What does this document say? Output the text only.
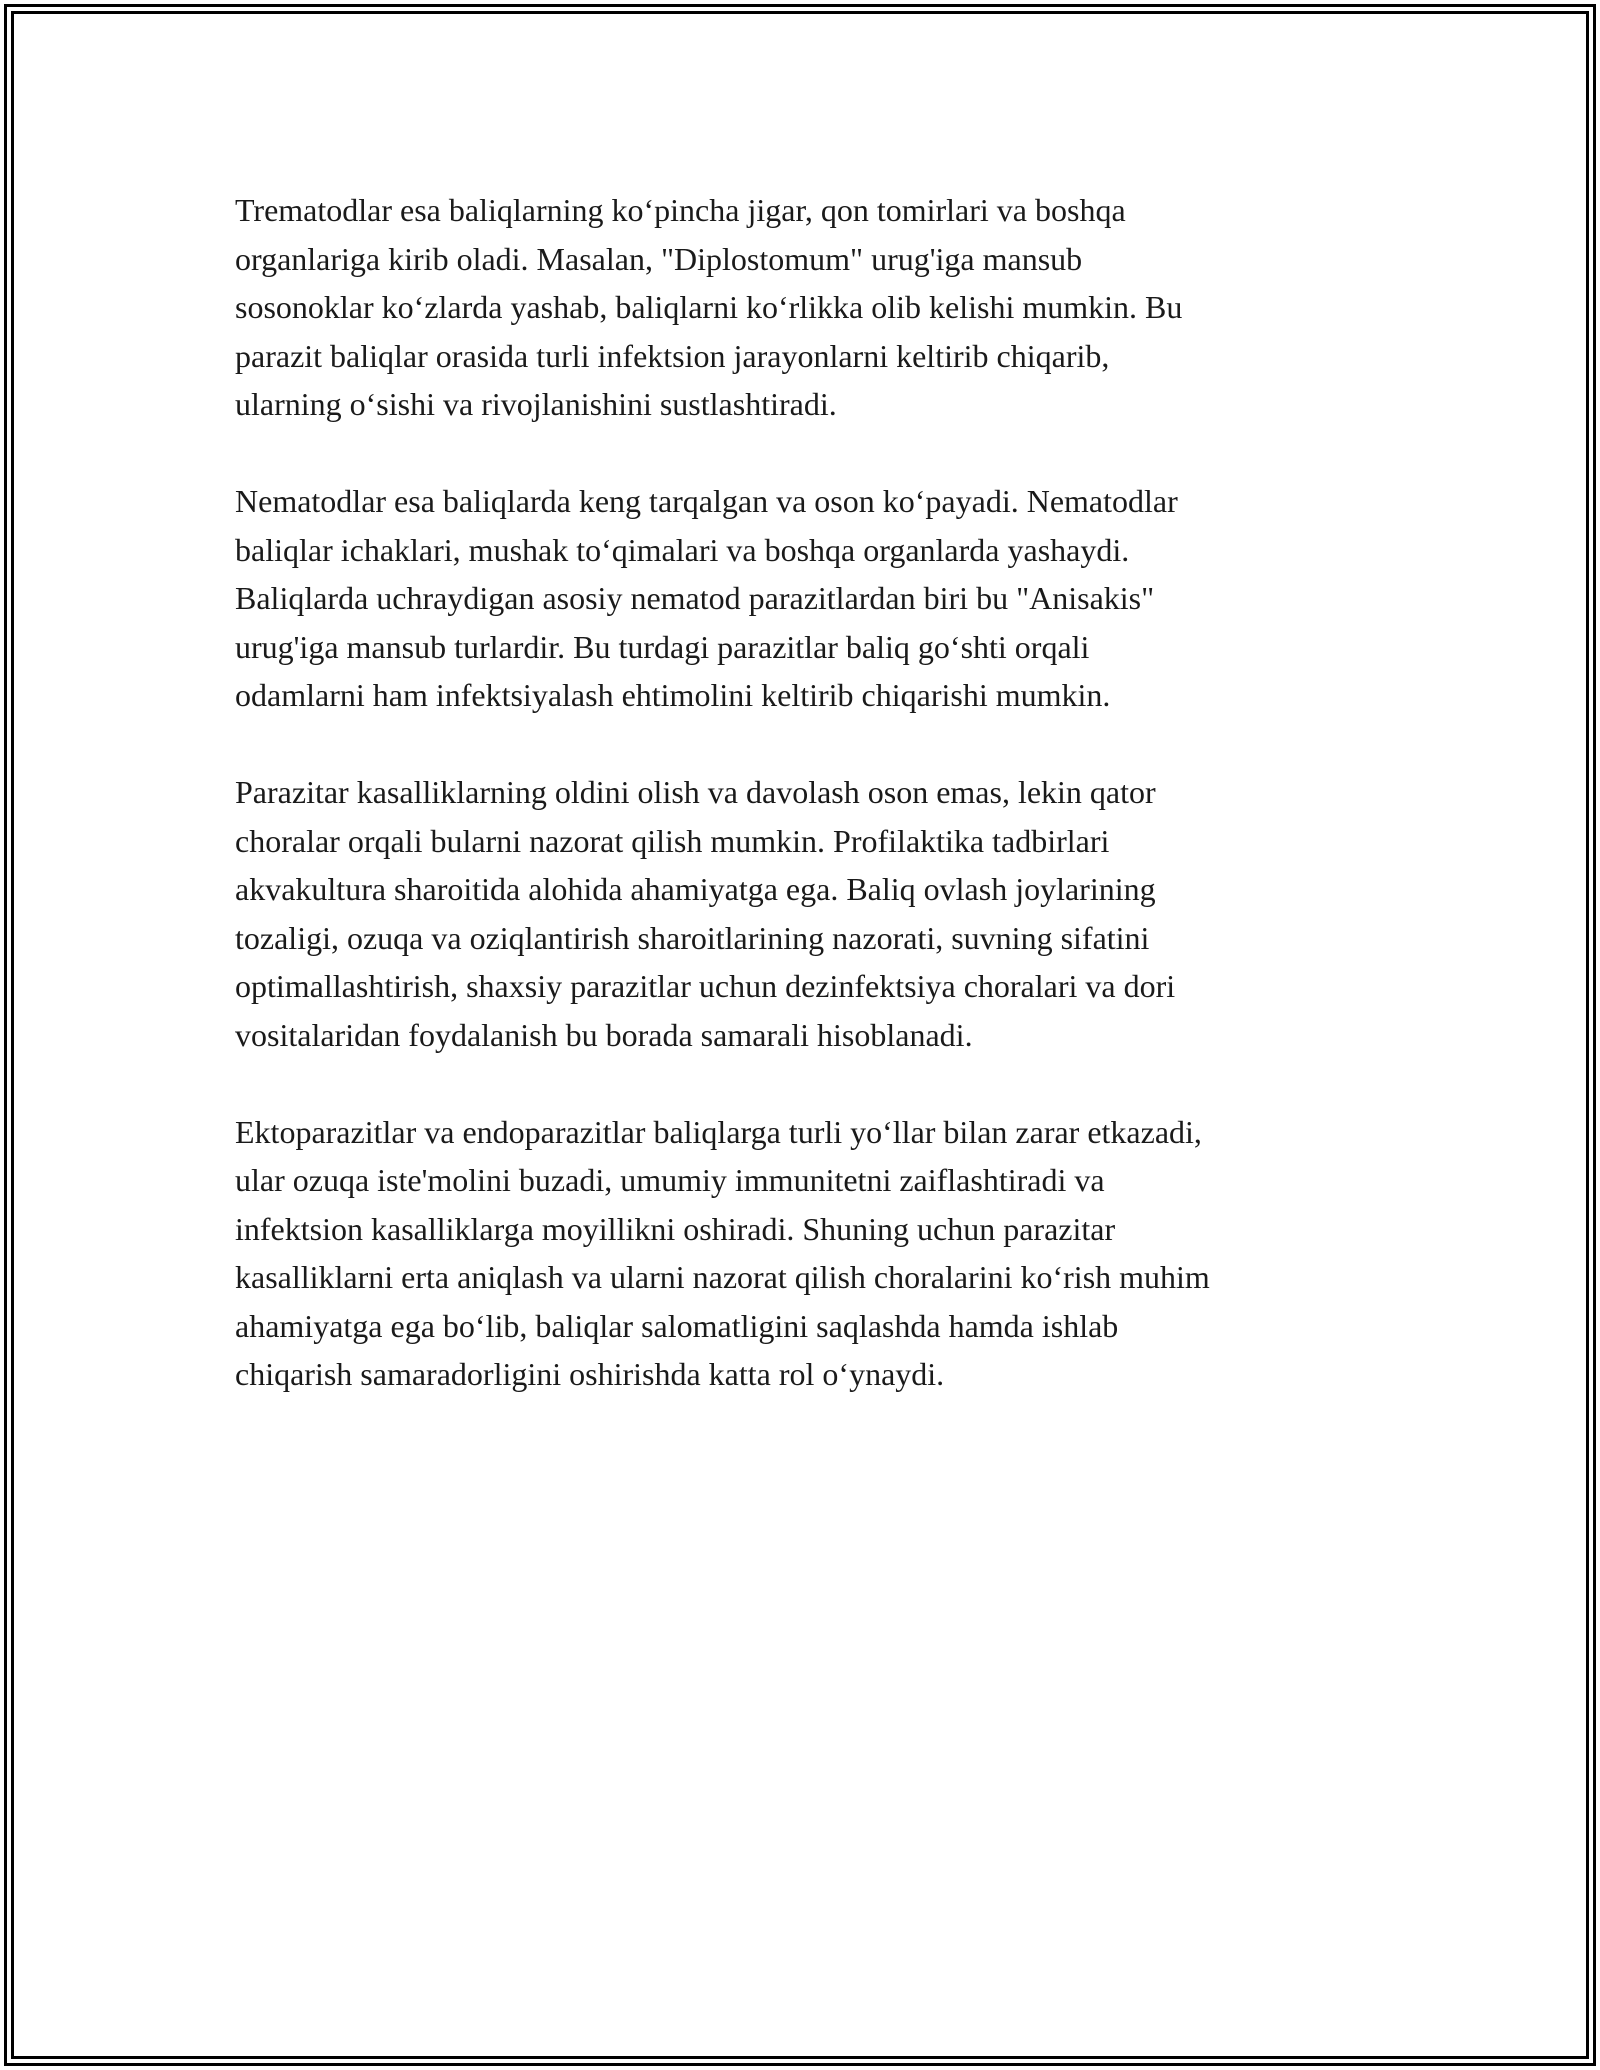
Trematodlar esa baliqlarning ko‘pincha jigar, qon tomirlari va boshqa
organlariga kirib oladi. Masalan, "Diplostomum" urug'iga mansub
sosonoklar ko‘zlarda yashab, baliqlarni ko‘rlikka olib kelishi mumkin. Bu
parazit baliqlar orasida turli infektsion jarayonlarni keltirib chiqarib,
ularning o‘sishi va rivojlanishini sustlashtiradi.

Nematodlar esa baliqlarda keng tarqalgan va oson ko‘payadi. Nematodlar
baliqlar ichaklari, mushak to‘qimalari va boshqa organlarda yashaydi.
Baliqlarda uchraydigan asosiy nematod parazitlardan biri bu "Anisakis"
urug'iga mansub turlardir. Bu turdagi parazitlar baliq go‘shti orqali
odamlarni ham infektsiyalash ehtimolini keltirib chiqarishi mumkin.

Parazitar kasalliklarning oldini olish va davolash oson emas, lekin qator
choralar orqali bularni nazorat qilish mumkin. Profilaktika tadbirlari
akvakultura sharoitida alohida ahamiyatga ega. Baliq ovlash joylarining
tozaligi, ozuqa va oziqlantirish sharoitlarining nazorati, suvning sifatini
optimallashtirish, shaxsiy parazitlar uchun dezinfektsiya choralari va dori
vositalaridan foydalanish bu borada samarali hisoblanadi.

Ektoparazitlar va endoparazitlar baliqlarga turli yo‘llar bilan zarar etkazadi,
ular ozuqa iste'molini buzadi, umumiy immunitetni zaiflashtiradi va
infektsion kasalliklarga moyillikni oshiradi. Shuning uchun parazitar
kasalliklarni erta aniqlash va ularni nazorat qilish choralarini ko‘rish muhim
ahamiyatga ega bo‘lib, baliqlar salomatligini saqlashda hamda ishlab
chiqarish samaradorligini oshirishda katta rol o‘ynaydi.
